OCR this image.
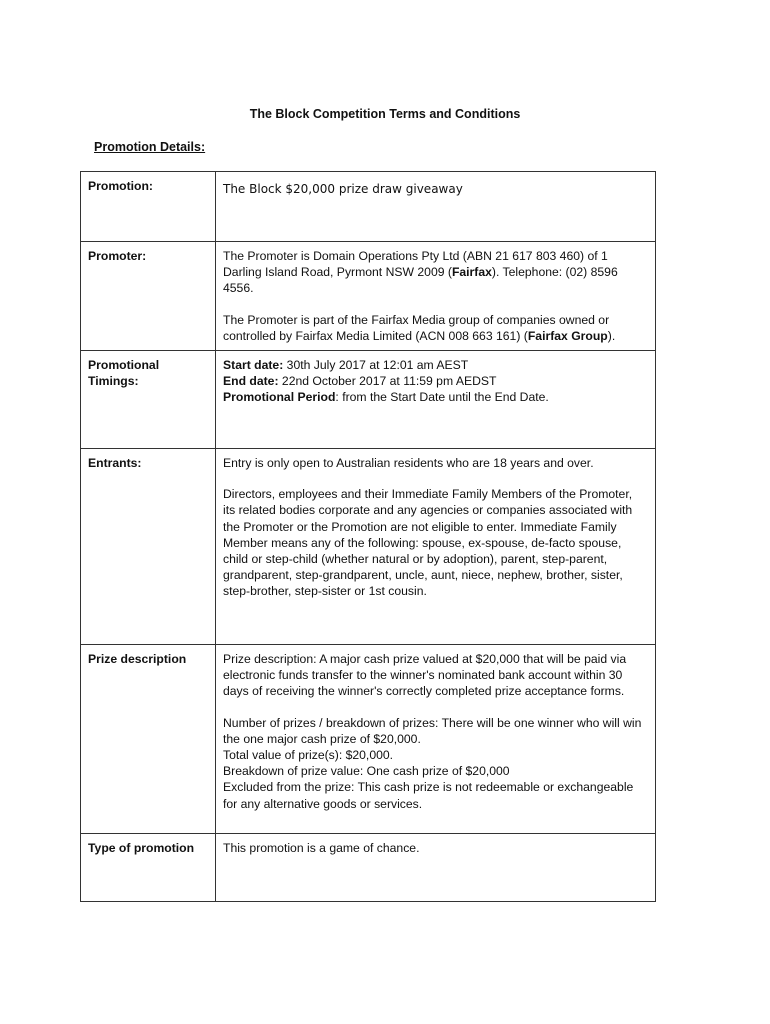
The Block Competition Terms and Conditions
Promotion Details:
Promotion:	The Block $20,000 prize draw giveaway

Promoter:	The Promoter is Domain Operations Pty Ltd (ABN 21 617 803 460) of 1 Darling Island Road, Pyrmont NSW 2009 (Fairfax). Telephone: (02) 8596 4556.

The Promoter is part of the Fairfax Media group of companies owned or controlled by Fairfax Media Limited (ACN 008 663 161) (Fairfax Group).

Promotional Timings:	Start date: 30th July 2017 at 12:01 am AEST
End date: 22nd October 2017 at 11:59 pm AEDST
Promotional Period: from the Start Date until the End Date.

Entrants:	Entry is only open to Australian residents who are 18 years and over.

Directors, employees and their Immediate Family Members of the Promoter, its related bodies corporate and any agencies or companies associated with the Promoter or the Promotion are not eligible to enter. Immediate Family Member means any of the following: spouse, ex-spouse, de-facto spouse, child or step-child (whether natural or by adoption), parent, step-parent, grandparent, step-grandparent, uncle, aunt, niece, nephew, brother, sister, step-brother, step-sister or 1st cousin.

Prize description	Prize description: A major cash prize valued at $20,000 that will be paid via electronic funds transfer to the winner's nominated bank account within 30 days of receiving the winner's correctly completed prize acceptance forms.

Number of prizes / breakdown of prizes: There will be one winner who will win the one major cash prize of $20,000.
Total value of prize(s): $20,000.
Breakdown of prize value: One cash prize of $20,000
Excluded from the prize: This cash prize is not redeemable or exchangeable for any alternative goods or services.

Type of promotion	This promotion is a game of chance.
